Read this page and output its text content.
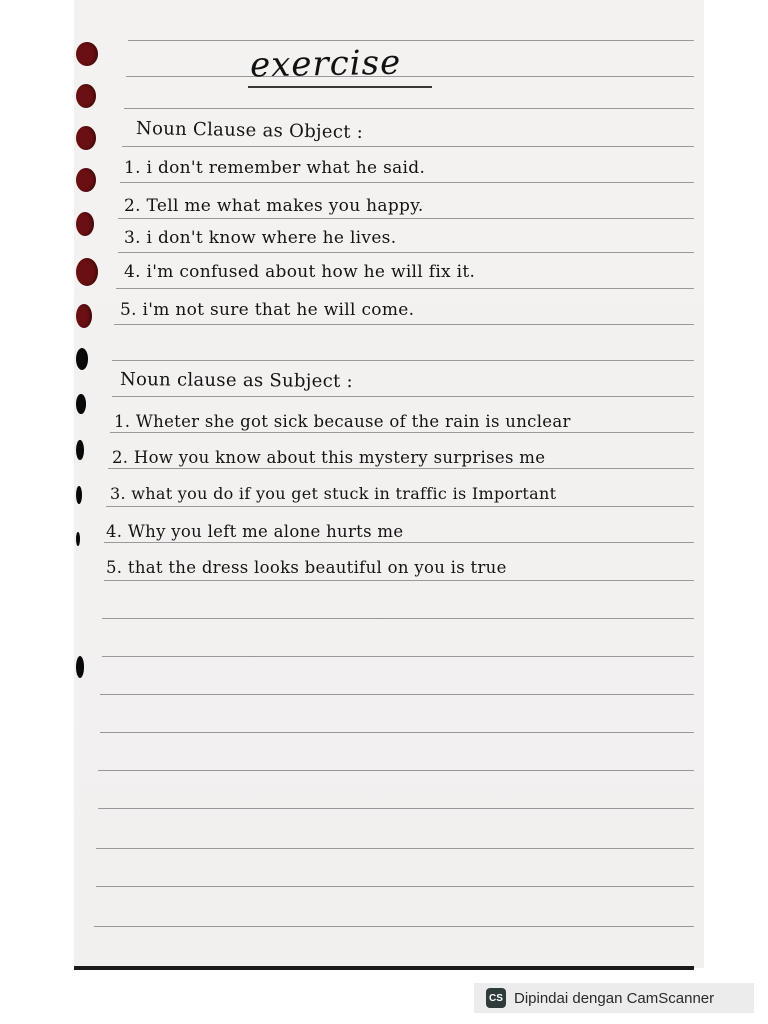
exercise
Noun Clause as Object :
1. i don't remember what he said.
2. Tell me what makes you happy.
3. i don't know where he lives.
4. i'm confused about how he will fix it.
5. i'm not sure that he will come.
Noun clause as Subject :
1. Wheter she got sick because of the rain is unclear
2. How you know about this mystery surprises me
3. what you do if you get stuck in traffic is Important
4. Why you left me alone hurts me
5. that the dress looks beautiful on you is true
CS Dipindai dengan CamScanner
